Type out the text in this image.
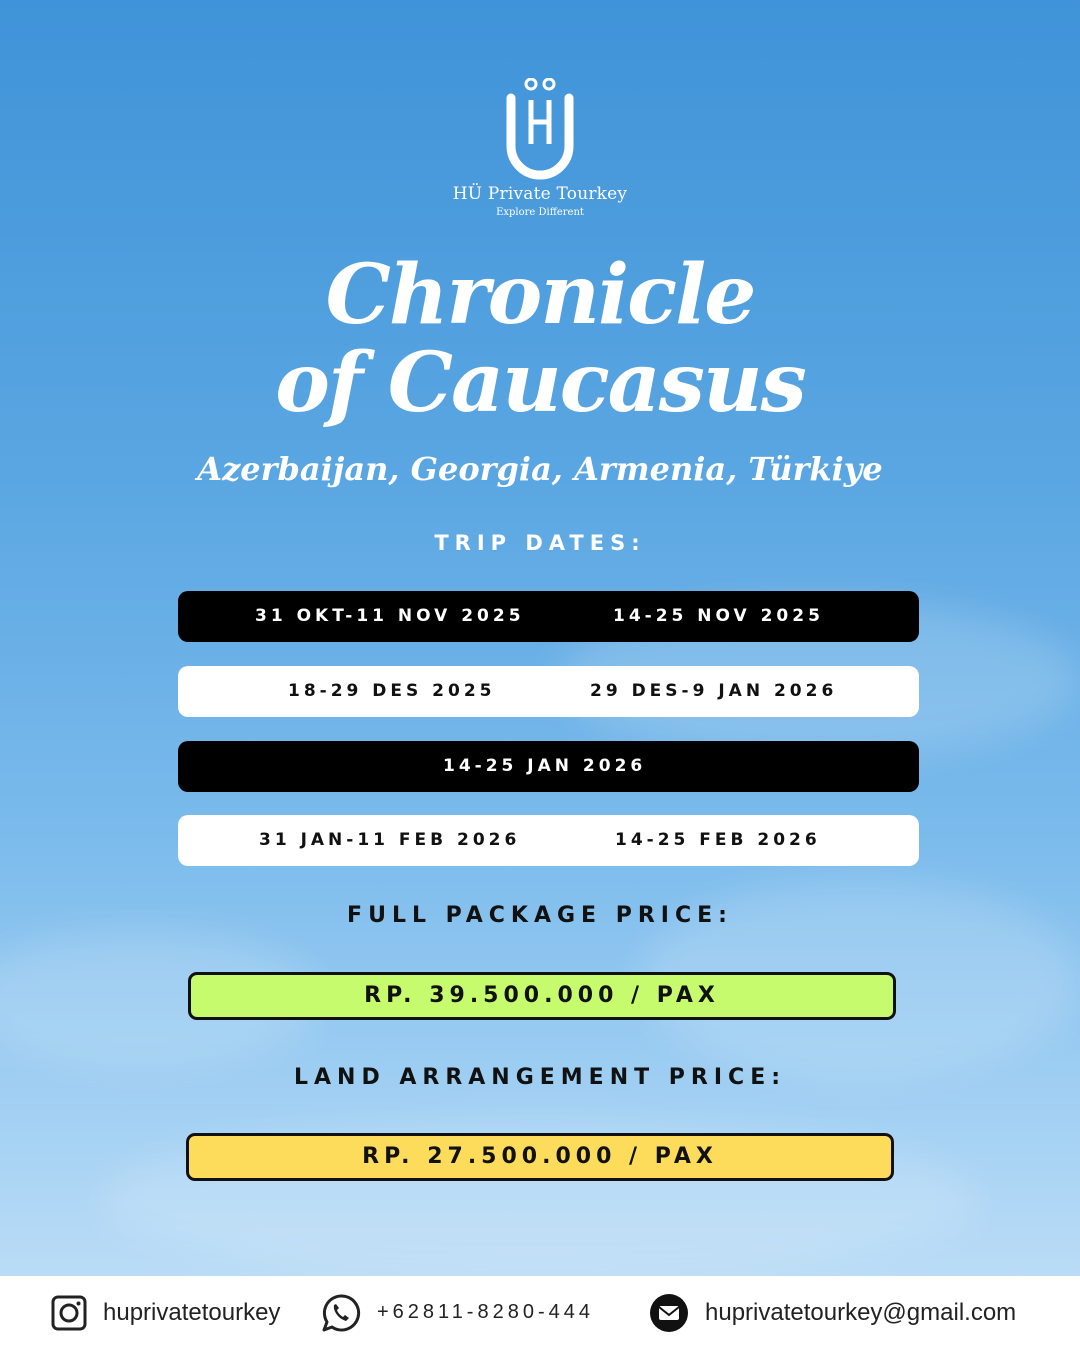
HÜ Private Tourkey
Explore Different
Chronicle
of Caucasus
Azerbaijan, Georgia, Armenia, Türkiye
TRIP DATES:
31 OKT-11 NOV 2025	14-25 NOV 2025
18-29 DES 2025	29 DES-9 JAN 2026
14-25 JAN 2026
31 JAN-11 FEB 2026	14-25 FEB 2026
FULL PACKAGE PRICE:
RP. 39.500.000 / PAX
LAND ARRANGEMENT PRICE:
RP. 27.500.000 / PAX
huprivatetourkey	+62811-8280-444	huprivatetourkey@gmail.com
